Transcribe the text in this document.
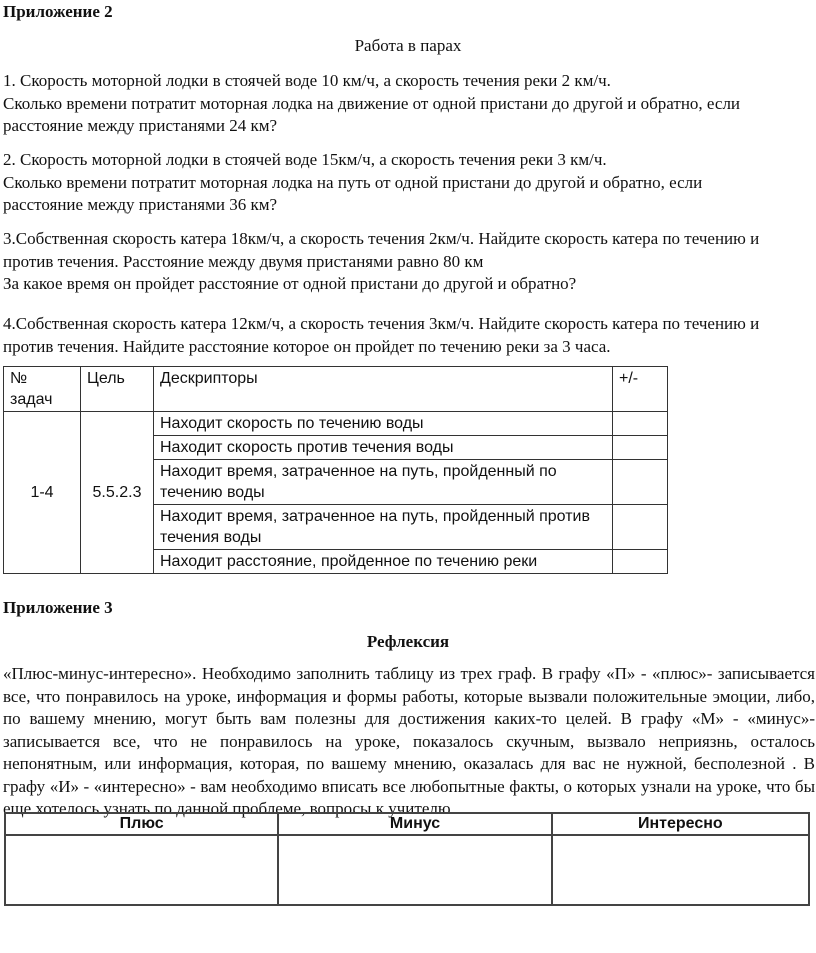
Приложение 2
Работа в парах
1. Скорость моторной лодки в стоячей воде 10 км/ч, а скорость течения реки 2 км/ч.
Сколько времени потратит моторная лодка на движение от одной пристани до другой и обратно, если
расстояние между пристанями 24 км?
2. Скорость моторной лодки в стоячей воде 15км/ч, а скорость течения реки 3 км/ч.
Сколько времени потратит моторная лодка на путь от одной пристани до другой и обратно, если
расстояние между пристанями 36 км?
3.Собственная скорость катера 18км/ч, а скорость течения 2км/ч. Найдите скорость катера по течению и
против течения. Расстояние между двумя пристанями равно 80 км
За какое время он пройдет расстояние от одной пристани до другой и обратно?
4.Собственная скорость катера 12км/ч, а скорость течения 3км/ч. Найдите скорость катера по течению и
против течения. Найдите расстояние которое он пройдет по течению реки за 3 часа.
№
задач	Цель	Дескрипторы	+/-
1-4	5.5.2.3	Находит скорость по течению воды	
		Находит скорость против течения воды	
		Находит время, затраченное на путь, пройденный по течению воды	
		Находит время, затраченное на путь, пройденный против течения воды	
		Находит расстояние, пройденное по течению реки	
Приложение 3
Рефлексия

«Плюс-минус-интересно». Необходимо заполнить таблицу из трех граф. В графу «П» - «плюс»- записывается все, что понравилось на уроке, информация и формы работы, которые вызвали положительные эмоции, либо, по вашему мнению, могут быть вам полезны для достижения каких-то целей. В графу «М» - «минус»- записывается все, что не понравилось на уроке, показалось скучным, вызвало неприязнь, осталось непонятным, или информация, которая, по вашему мнению, оказалась для вас не нужной, бесполезной . В графу «И» - «интересно» - вам необходимо вписать все любопытные факты, о которых узнали на уроке, что бы еще хотелось узнать по данной проблеме, вопросы к учителю.

Плюс	Минус	Интересно
